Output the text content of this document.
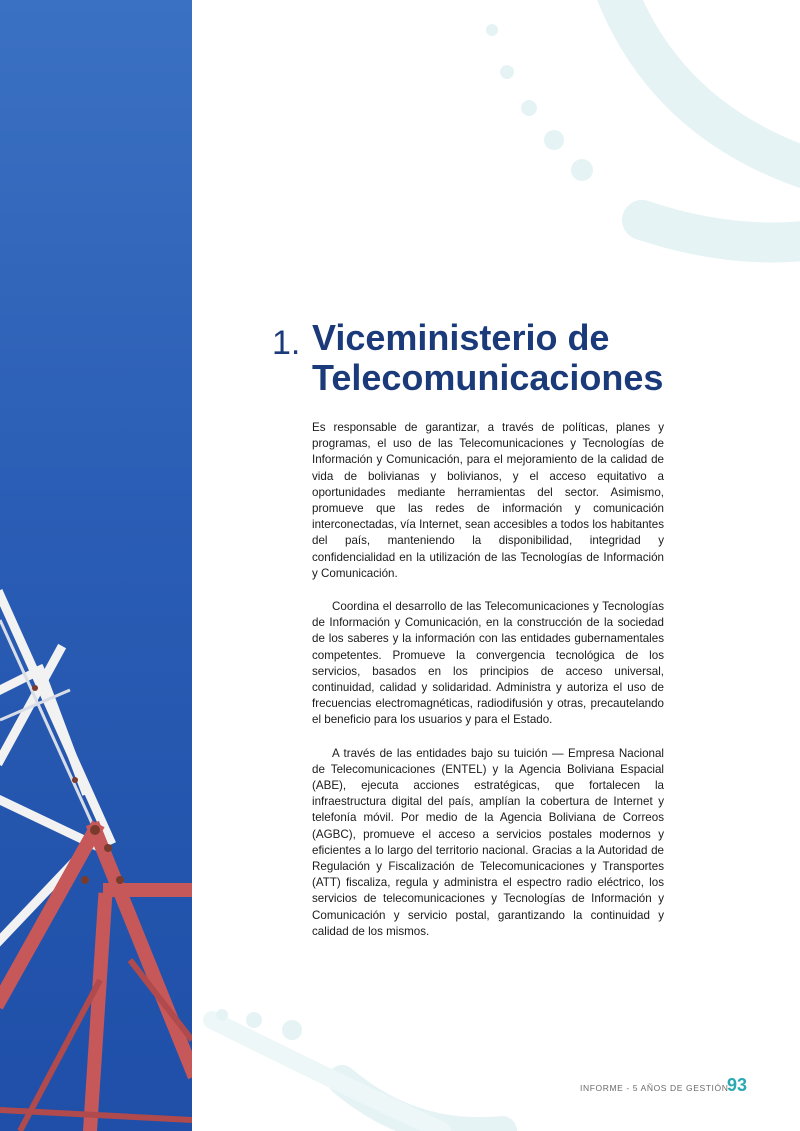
1. Viceministerio de Telecomunicaciones

Es responsable de garantizar, a través de políticas, planes y programas, el uso de las Telecomunicaciones y Tecnologías de Información y Comunicación, para el mejoramiento de la calidad de vida de bolivianas y bolivianos, y el acceso equitativo a oportunidades mediante herramientas del sector. Asimismo, promueve que las redes de información y comunicación interconectadas, vía Internet, sean accesibles a todos los habitantes del país, manteniendo la disponibilidad, integridad y confidencialidad en la utilización de las Tecnologías de Información y Comunicación.

Coordina el desarrollo de las Telecomunicaciones y Tecnologías de Información y Comunicación, en la construcción de la sociedad de los saberes y la información con las entidades gubernamentales competentes. Promueve la convergencia tecnológica de los servicios, basados en los principios de acceso universal, continuidad, calidad y solidaridad. Administra y autoriza el uso de frecuencias electromagnéticas, radiodifusión y otras, precautelando el beneficio para los usuarios y para el Estado.

A través de las entidades bajo su tuición — Empresa Nacional de Telecomunicaciones (ENTEL) y la Agencia Boliviana Espacial (ABE), ejecuta acciones estratégicas, que fortalecen la infraestructura digital del país, amplían la cobertura de Internet y telefonía móvil. Por medio de la Agencia Boliviana de Correos (AGBC), promueve el acceso a servicios postales modernos y eficientes a lo largo del territorio nacional. Gracias a la Autoridad de Regulación y Fiscalización de Telecomunicaciones y Transportes (ATT) fiscaliza, regula y administra el espectro radio eléctrico, los servicios de telecomunicaciones y Tecnologías de Información y Comunicación y servicio postal, garantizando la continuidad y calidad de los mismos.

INFORME - 5 AÑOS DE GESTIÓN
93
